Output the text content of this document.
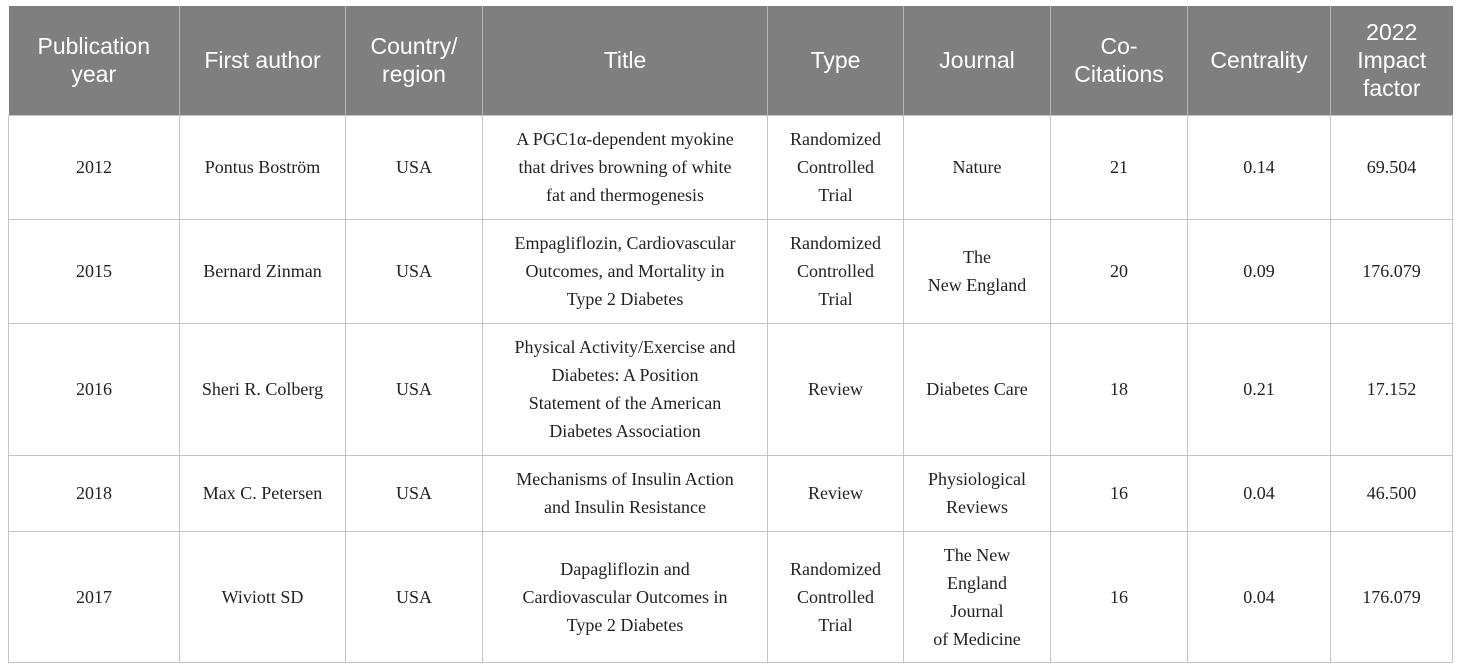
Publication
year	First author	Country/
region	Title	Type	Journal	Co-
Citations	Centrality	2022
Impact
factor

2012	Pontus Boström	USA	A PGC1α-dependent myokine
that drives browning of white
fat and thermogenesis	Randomized
Controlled
Trial	Nature	21	0.14	69.504

2015	Bernard Zinman	USA	Empagliflozin, Cardiovascular
Outcomes, and Mortality in
Type 2 Diabetes	Randomized
Controlled
Trial	The
New England	20	0.09	176.079

2016	Sheri R. Colberg	USA	Physical Activity/Exercise and
Diabetes: A Position
Statement of the American
Diabetes Association	Review	Diabetes Care	18	0.21	17.152

2018	Max C. Petersen	USA	Mechanisms of Insulin Action
and Insulin Resistance	Review	Physiological
Reviews	16	0.04	46.500

2017	Wiviott SD	USA	Dapagliflozin and
Cardiovascular Outcomes in
Type 2 Diabetes	Randomized
Controlled
Trial	The New
England
Journal
of Medicine	16	0.04	176.079
